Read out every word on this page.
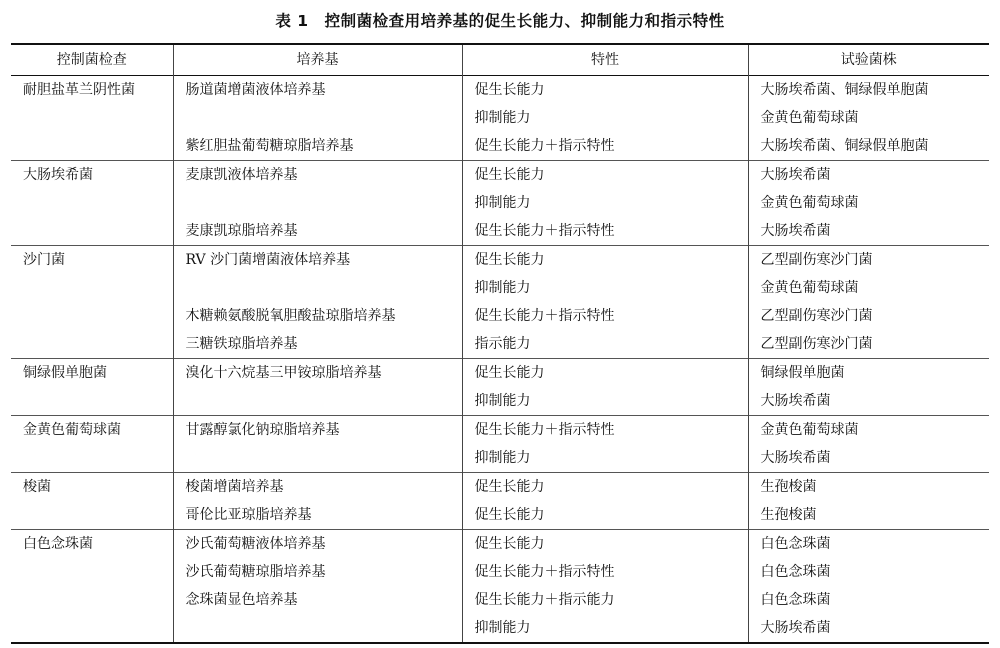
表 1 控制菌检查用培养基的促生长能力、抑制能力和指示特性
控制菌检查	培养基	特性	试验菌株
耐胆盐革兰阴性菌	肠道菌增菌液体培养基	促生长能力	大肠埃希菌、铜绿假单胞菌
		抑制能力	金黄色葡萄球菌
	紫红胆盐葡萄糖琼脂培养基	促生长能力＋指示特性	大肠埃希菌、铜绿假单胞菌
大肠埃希菌	麦康凯液体培养基	促生长能力	大肠埃希菌
		抑制能力	金黄色葡萄球菌
	麦康凯琼脂培养基	促生长能力＋指示特性	大肠埃希菌
沙门菌	RV 沙门菌增菌液体培养基	促生长能力	乙型副伤寒沙门菌
		抑制能力	金黄色葡萄球菌
	木糖赖氨酸脱氧胆酸盐琼脂培养基	促生长能力＋指示特性	乙型副伤寒沙门菌
	三糖铁琼脂培养基	指示能力	乙型副伤寒沙门菌
铜绿假单胞菌	溴化十六烷基三甲铵琼脂培养基	促生长能力	铜绿假单胞菌
		抑制能力	大肠埃希菌
金黄色葡萄球菌	甘露醇氯化钠琼脂培养基	促生长能力＋指示特性	金黄色葡萄球菌
		抑制能力	大肠埃希菌
梭菌	梭菌增菌培养基	促生长能力	生孢梭菌
	哥伦比亚琼脂培养基	促生长能力	生孢梭菌
白色念珠菌	沙氏葡萄糖液体培养基	促生长能力	白色念珠菌
	沙氏葡萄糖琼脂培养基	促生长能力＋指示特性	白色念珠菌
	念珠菌显色培养基	促生长能力＋指示能力	白色念珠菌
		抑制能力	大肠埃希菌
